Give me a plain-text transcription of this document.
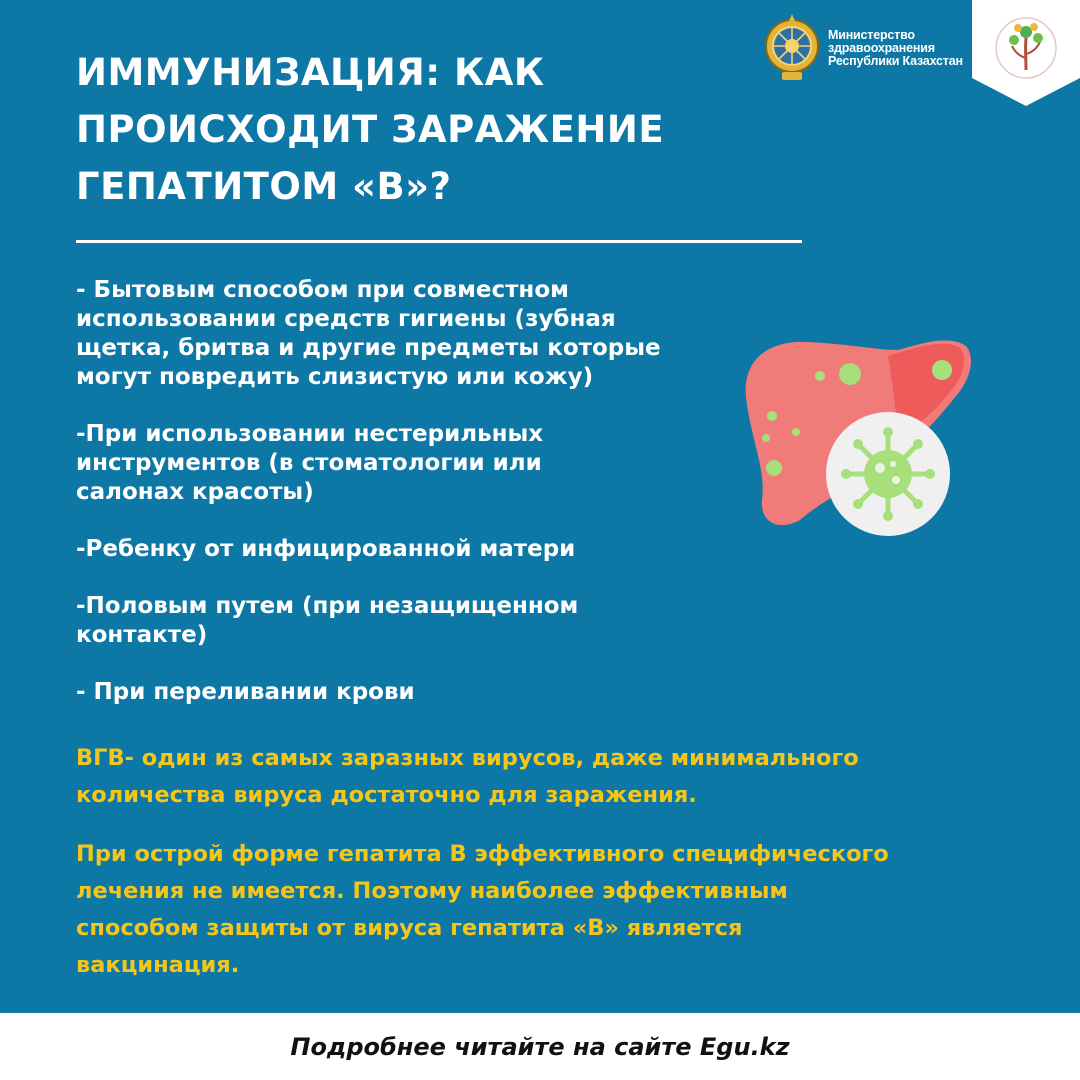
ИММУНИЗАЦИЯ: КАК
ПРОИСХОДИТ ЗАРАЖЕНИЕ
ГЕПАТИТОМ «В»?
Министерство
здравоохранения
Республики Казахстан
- Бытовым способом при совместном
использовании средств гигиены (зубная
щетка, бритва и другие предметы которые
могут повредить слизистую или кожу)
-При использовании нестерильных
инструментов (в стоматологии или
салонах красоты)
-Ребенку от инфицированной матери
-Половым путем (при незащищенном
контакте)
- При переливании крови

ВГВ- один из самых заразных вирусов, даже минимального
количества вируса достаточно для заражения.

При острой форме гепатита В эффективного специфического
лечения не имеется. Поэтому наиболее эффективным
способом защиты от вируса гепатита «В» является
вакцинация.

Подробнее читайте на сайте Egu.kz
